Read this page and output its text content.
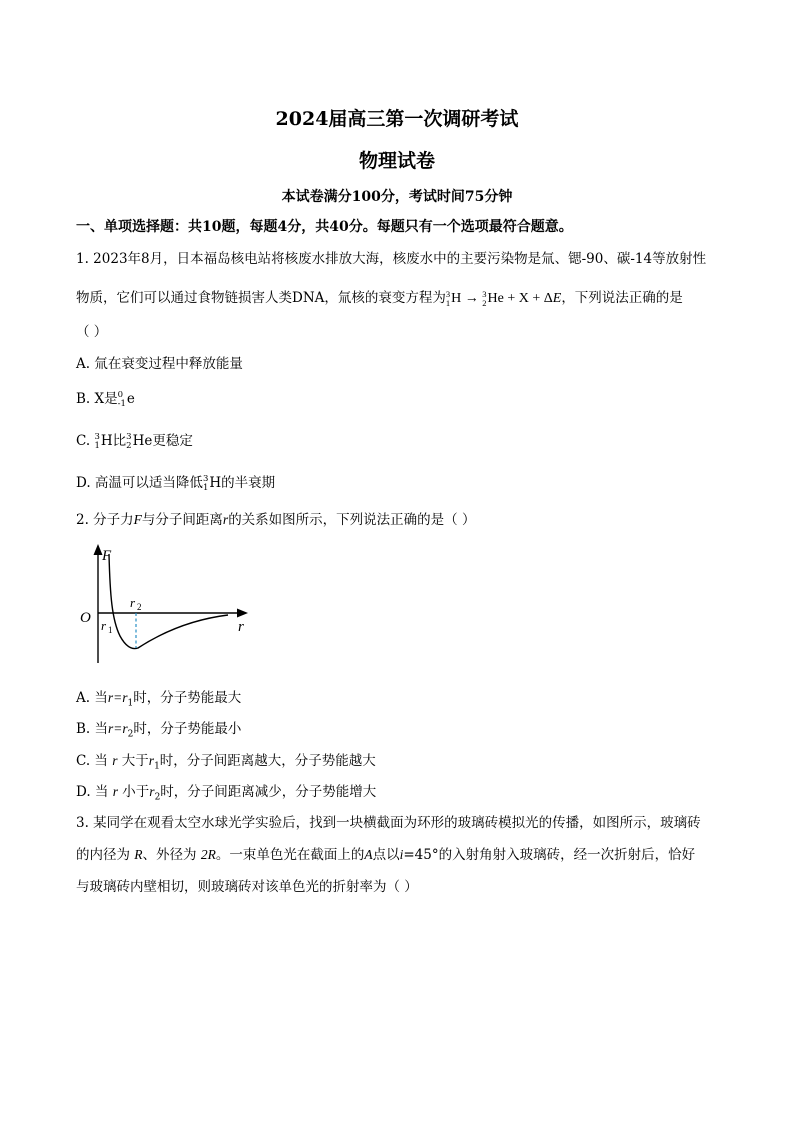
2024届高三第一次调研考试
物理试卷
本试卷满分100分，考试时间75分钟
一、单项选择题：共10题，每题4分，共40分。每题只有一个选项最符合题意。
1. 2023年8月，日本福岛核电站将核废水排放大海，核废水中的主要污染物是氚、锶-90、碳-14等放射性
物质，它们可以通过食物链损害人类DNA，氚核的衰变方程为 3
1 H → 3
2 He + X + ΔE，下列说法正确的是
（ ）
A. 氚在衰变过程中释放能量
B. X是 0
-1 e
C. 3
1 H比 3
2 He更稳定
D. 高温可以适当降低 3
1 H的半衰期
2. 分子力F与分子间距离r的关系如图所示，下列说法正确的是（ ）
F
O
r
r 1
r 2
A. 当$r=r_1$时，分子势能最大
B. 当$r=r_2$时，分子势能最小
C. 当 r 大于$r_1$时，分子间距离越大，分子势能越大
D. 当 r 小于$r_2$时，分子间距离减少，分子势能增大
3. 某同学在观看太空水球光学实验后，找到一块横截面为环形的玻璃砖模拟光的传播，如图所示，玻璃砖
的内径为 R、外径为 2R。一束单色光在截面上的A点以i=45°的入射角射入玻璃砖，经一次折射后，恰好
与玻璃砖内壁相切，则玻璃砖对该单色光的折射率为（ ）
